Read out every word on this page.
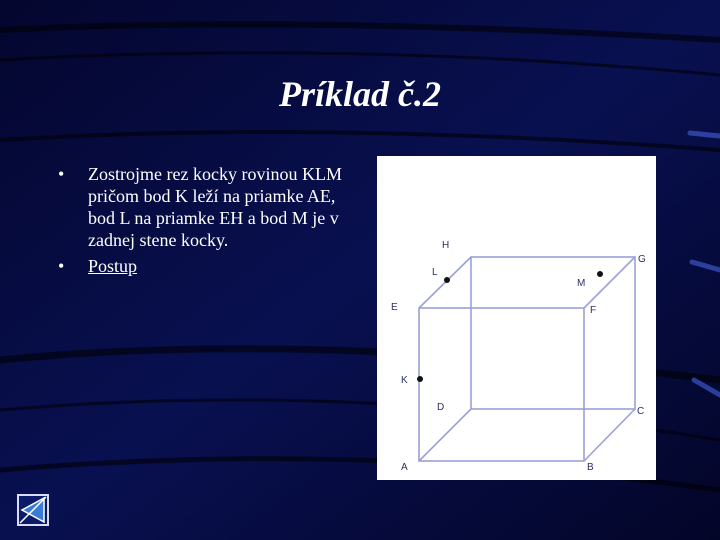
Príklad č.2
• Zostrojme rez kocky rovinou KLM pričom bod K leží na priamke AE, bod L na priamke EH a bod M je v zadnej stene kocky.
• Postup
A	B
C
D
E	F
G
H
K
L
M
